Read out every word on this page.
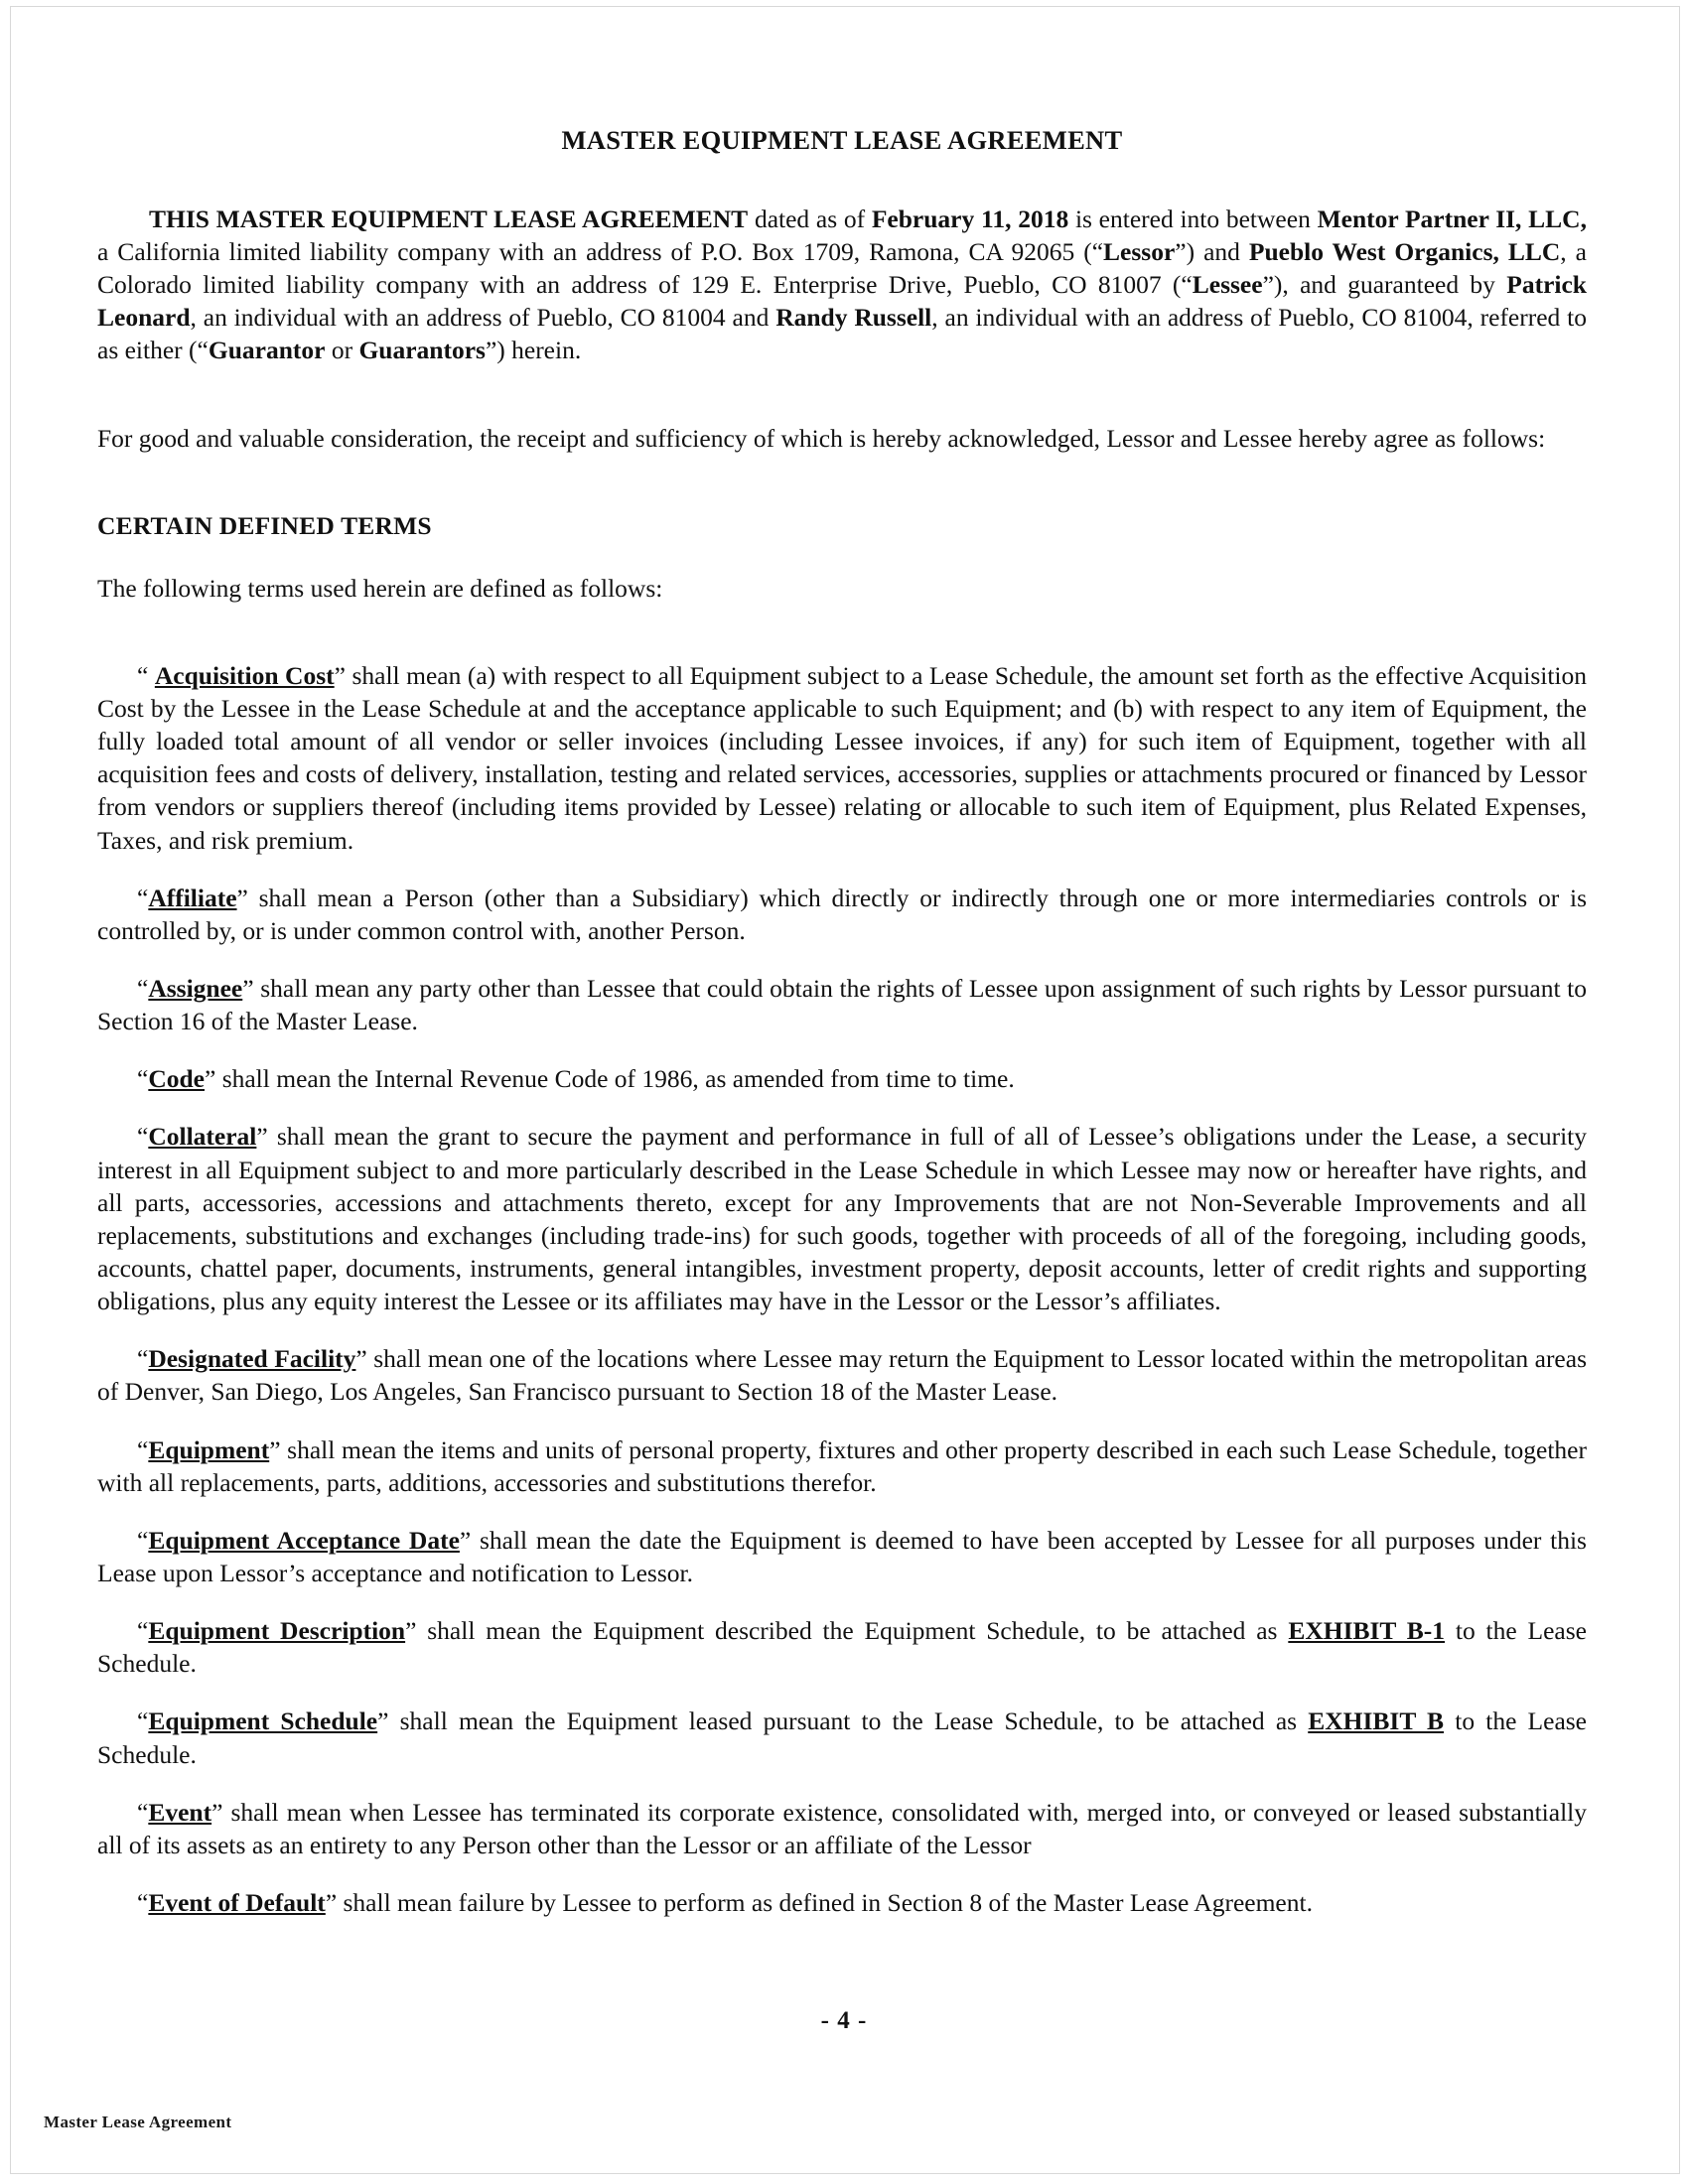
MASTER EQUIPMENT LEASE AGREEMENT

THIS MASTER EQUIPMENT LEASE AGREEMENT dated as of February 11, 2018 is entered into between Mentor Partner II, LLC, a California limited liability company with an address of P.O. Box 1709, Ramona, CA 92065 (“Lessor”) and Pueblo West Organics, LLC, a Colorado limited liability company with an address of 129 E. Enterprise Drive, Pueblo, CO 81007 (“Lessee”), and guaranteed by Patrick Leonard, an individual with an address of Pueblo, CO 81004 and Randy Russell, an individual with an address of Pueblo, CO 81004, referred to as either (“Guarantor or Guarantors”) herein.

For good and valuable consideration, the receipt and sufficiency of which is hereby acknowledged, Lessor and Lessee hereby agree as follows:

CERTAIN DEFINED TERMS

The following terms used herein are defined as follows:

“ Acquisition Cost” shall mean (a) with respect to all Equipment subject to a Lease Schedule, the amount set forth as the effective Acquisition Cost by the Lessee in the Lease Schedule at and the acceptance applicable to such Equipment; and (b) with respect to any item of Equipment, the fully loaded total amount of all vendor or seller invoices (including Lessee invoices, if any) for such item of Equipment, together with all acquisition fees and costs of delivery, installation, testing and related services, accessories, supplies or attachments procured or financed by Lessor from vendors or suppliers thereof (including items provided by Lessee) relating or allocable to such item of Equipment, plus Related Expenses, Taxes, and risk premium.

“Affiliate” shall mean a Person (other than a Subsidiary) which directly or indirectly through one or more intermediaries controls or is controlled by, or is under common control with, another Person.

“Assignee” shall mean any party other than Lessee that could obtain the rights of Lessee upon assignment of such rights by Lessor pursuant to Section 16 of the Master Lease.

“Code” shall mean the Internal Revenue Code of 1986, as amended from time to time.

“Collateral” shall mean the grant to secure the payment and performance in full of all of Lessee’s obligations under the Lease, a security interest in all Equipment subject to and more particularly described in the Lease Schedule in which Lessee may now or hereafter have rights, and all parts, accessories, accessions and attachments thereto, except for any Improvements that are not Non-Severable Improvements and all replacements, substitutions and exchanges (including trade-ins) for such goods, together with proceeds of all of the foregoing, including goods, accounts, chattel paper, documents, instruments, general intangibles, investment property, deposit accounts, letter of credit rights and supporting obligations, plus any equity interest the Lessee or its affiliates may have in the Lessor or the Lessor’s affiliates.

“Designated Facility” shall mean one of the locations where Lessee may return the Equipment to Lessor located within the metropolitan areas of Denver, San Diego, Los Angeles, San Francisco pursuant to Section 18 of the Master Lease.

“Equipment” shall mean the items and units of personal property, fixtures and other property described in each such Lease Schedule, together with all replacements, parts, additions, accessories and substitutions therefor.

“Equipment Acceptance Date” shall mean the date the Equipment is deemed to have been accepted by Lessee for all purposes under this Lease upon Lessor’s acceptance and notification to Lessor.

“Equipment Description” shall mean the Equipment described the Equipment Schedule, to be attached as EXHIBIT B-1 to the Lease Schedule.

“Equipment Schedule” shall mean the Equipment leased pursuant to the Lease Schedule, to be attached as EXHIBIT B to the Lease Schedule.

“Event” shall mean when Lessee has terminated its corporate existence, consolidated with, merged into, or conveyed or leased substantially all of its assets as an entirety to any Person other than the Lessor or an affiliate of the Lessor

“Event of Default” shall mean failure by Lessee to perform as defined in Section 8 of the Master Lease Agreement.

- 4 -
Master Lease Agreement
